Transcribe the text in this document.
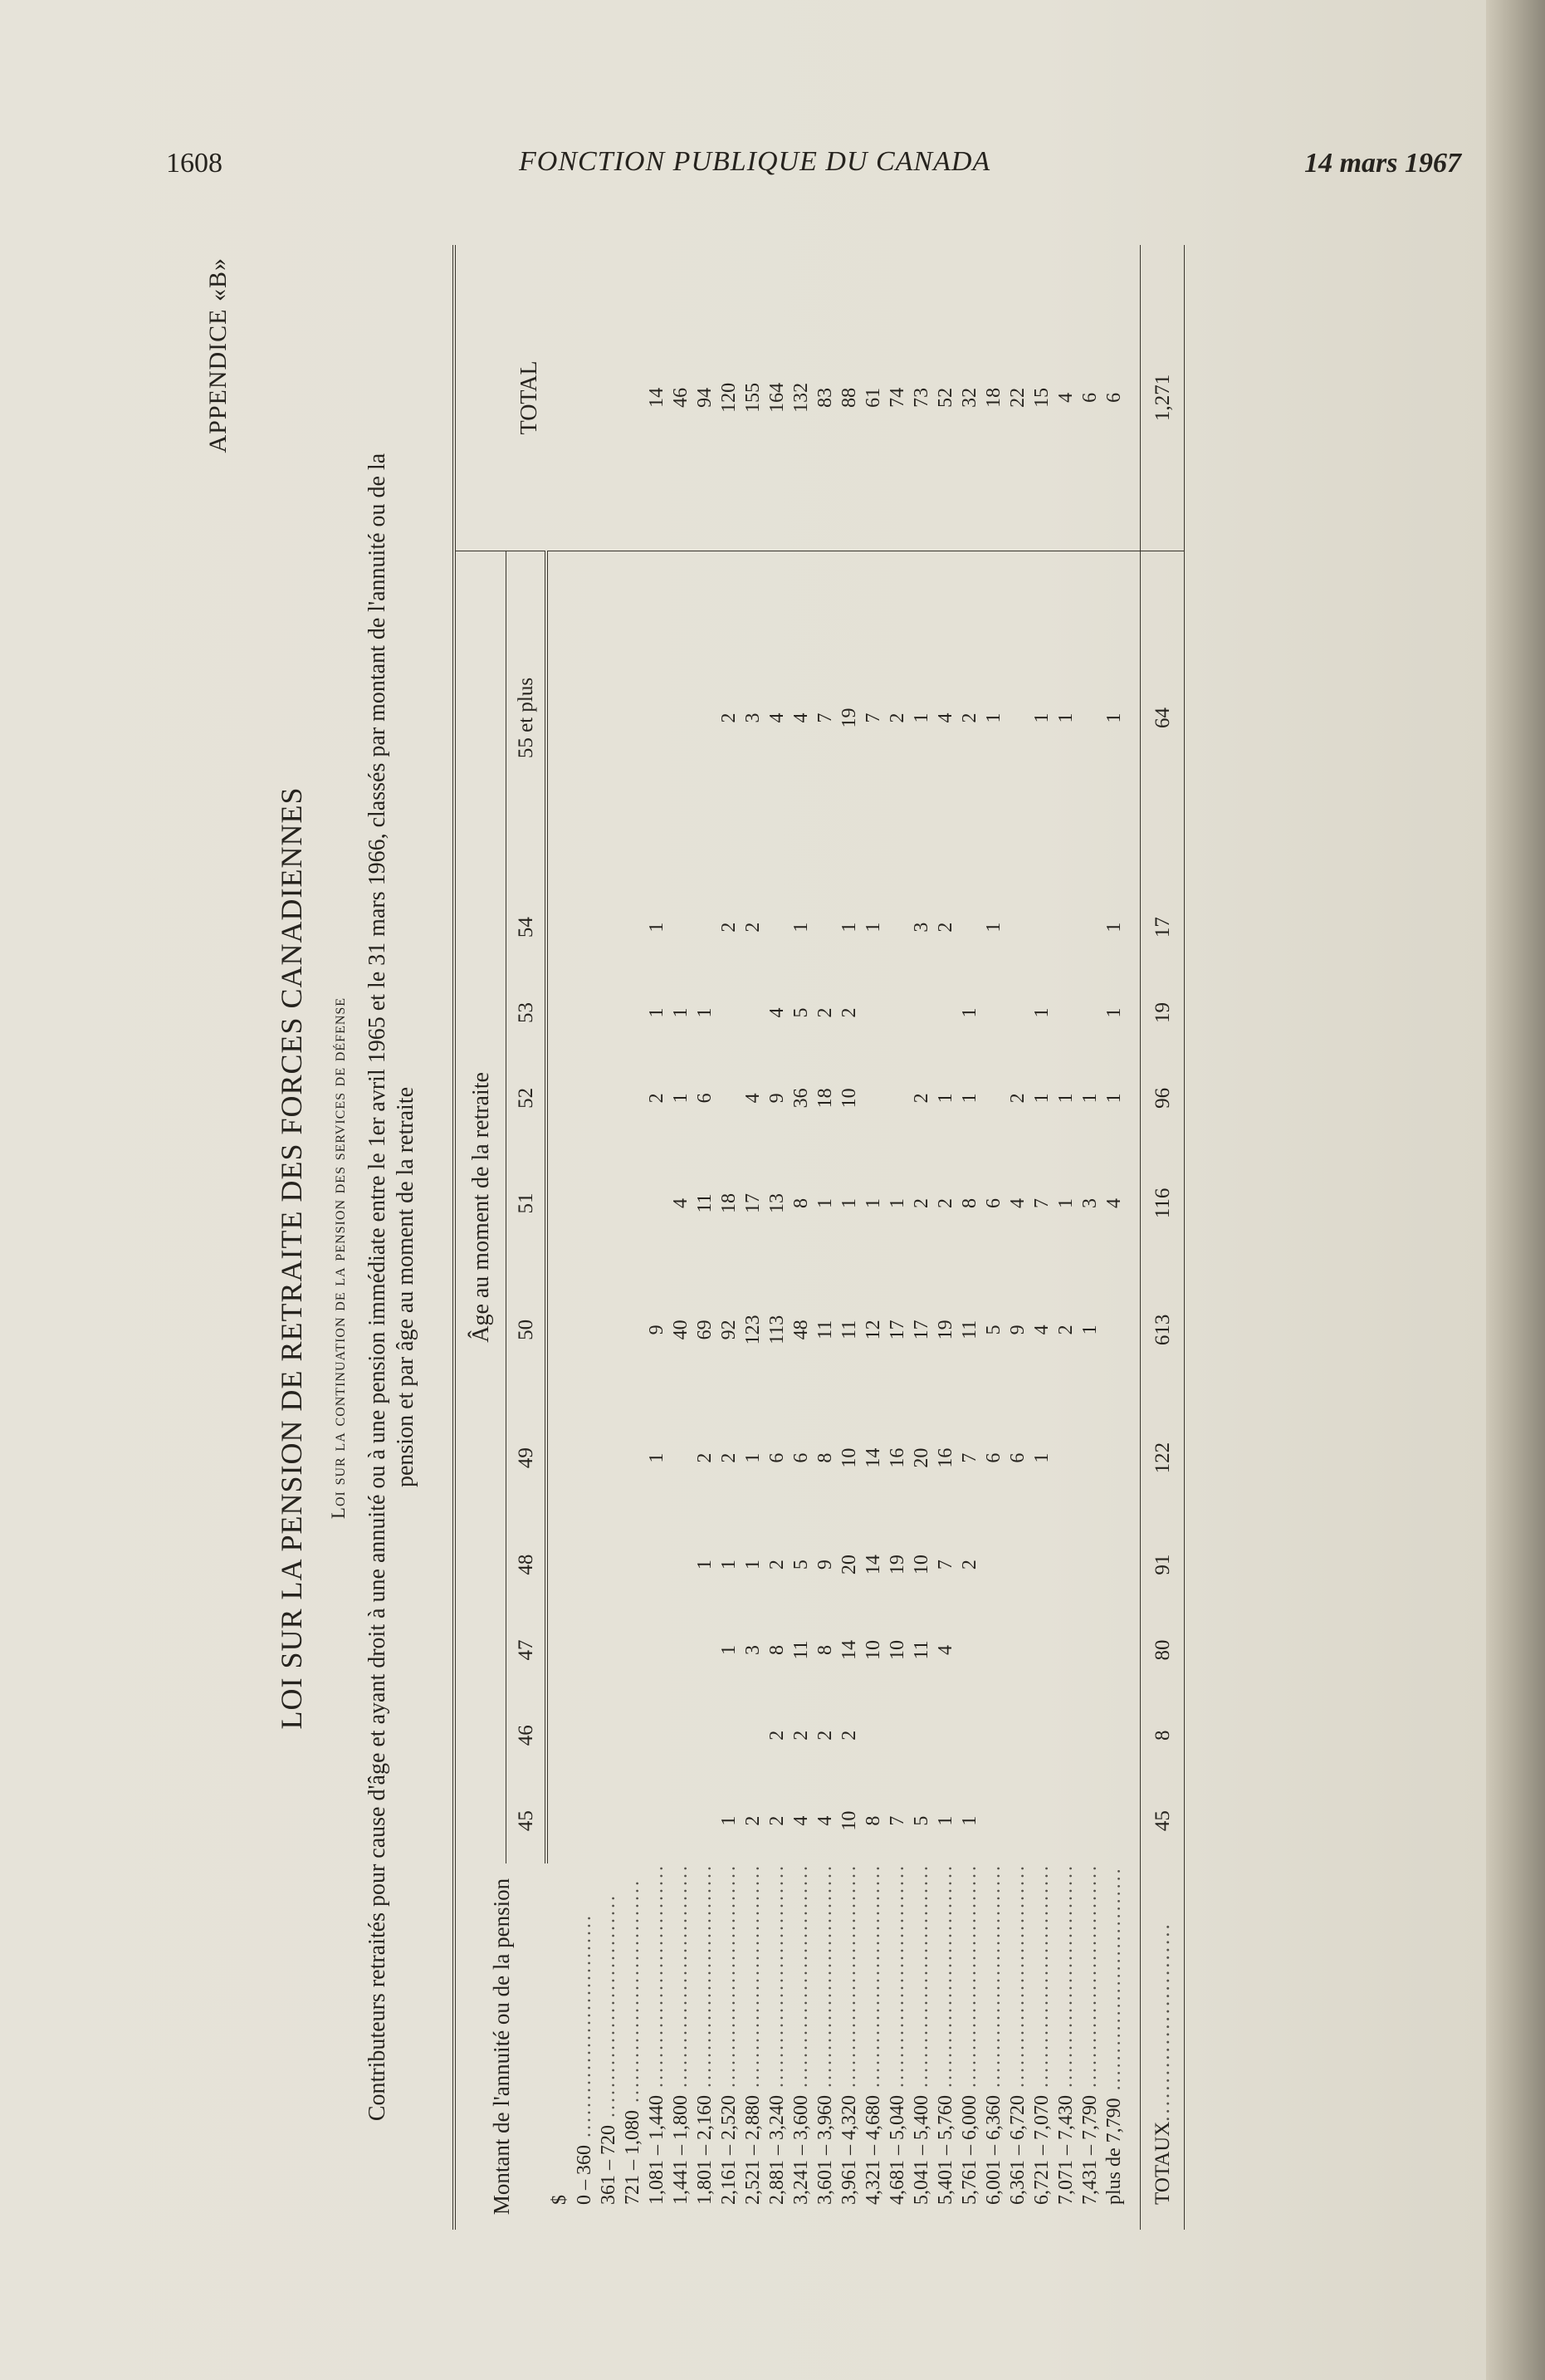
1608	FONCTION PUBLIQUE DU CANADA	14 mars 1967
APPENDICE «B»
LOI SUR LA PENSION DE RETRAITE DES FORCES CANADIENNES Loi sur la continuation de la pension des services de défense Contributeurs retraités pour cause d'âge et ayant droit à une annuité ou à une pension immédiate entre le 1er avril 1965 et le 31 mars 1966, classés par montant de l'annuité ou de la pension et par âge au moment de la retraite
Montant de l'annuité ou de la pension	Âge au moment de la retraite											TOTAL
	45	46	47	48	49	50	51	52	53	54	55 et plus	
$												
0 – 360 ..............................												
361 – 720 ..............................												
721 – 1,080 ..............................												
1,081 – 1,440 ..............................					1	9		2	1	1		14
1,441 – 1,800 ..............................						40	4	1	1			46
1,801 – 2,160 ..............................				1	2	69	11	6	1			94
2,161 – 2,520 ..............................	1		1	1	2	92	18			2	2	120
2,521 – 2,880 ..............................	2		3	1	1	123	17	4		2	3	155
2,881 – 3,240 ..............................	2	2	8	2	6	113	13	9	4		4	164
3,241 – 3,600 ..............................	4	2	11	5	6	48	8	36	5	1	4	132
3,601 – 3,960 ..............................	4	2	8	9	8	11	1	18	2		7	83
3,961 – 4,320 ..............................	10	2	14	20	10	11	1	10	2	1	19	88
4,321 – 4,680 ..............................	8		10	14	14	12	1			1	7	61
4,681 – 5,040 ..............................	7		10	19	16	17	1				2	74
5,041 – 5,400 ..............................	5		11	10	20	17	2	2		3	1	73
5,401 – 5,760 ..............................	1		4	7	16	19	2	1		2	4	52
5,761 – 6,000 ..............................	1			2	7	11	8	1	1		2	32
6,001 – 6,360 ..............................					6	5	6			1	1	18
6,361 – 6,720 ..............................					6	9	4	2				22
6,721 – 7,070 ..............................					1	4	7	1	1		1	15
7,071 – 7,430 ..............................						2	1	1			1	4
7,431 – 7,790 ..............................						1	3	1				6
plus de 7,790 ..............................							4	1	1	1	1	6

TOTAUX..........................	45	8	80	91	122	613	116	96	19	17	64	1,271
